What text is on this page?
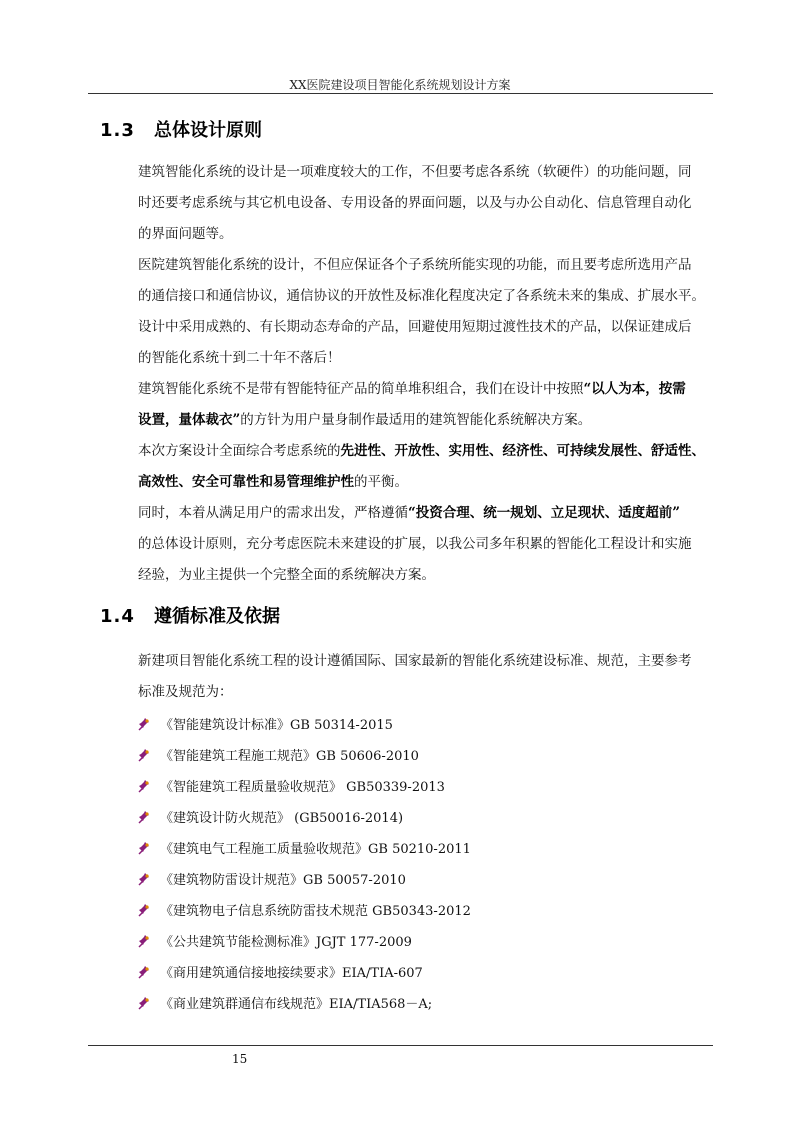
XX医院建设项目智能化系统规划设计方案
1.3 总体设计原则

建筑智能化系统的设计是一项难度较大的工作，不但要考虑各系统（软硬件）的功能问题，同
时还要考虑系统与其它机电设备、专用设备的界面问题，以及与办公自动化、信息管理自动化
的界面问题等。

医院建筑智能化系统的设计，不但应保证各个子系统所能实现的功能，而且要考虑所选用产品
的通信接口和通信协议，通信协议的开放性及标准化程度决定了各系统未来的集成、扩展水平。

设计中采用成熟的、有长期动态寿命的产品，回避使用短期过渡性技术的产品，以保证建成后
的智能化系统十到二十年不落后！

建筑智能化系统不是带有智能特征产品的简单堆积组合，我们在设计中按照“以人为本，按需
设置，量体裁衣”的方针为用户量身制作最适用的建筑智能化系统解决方案。

本次方案设计全面综合考虑系统的先进性、开放性、实用性、经济性、可持续发展性、舒适性、
高效性、安全可靠性和易管理维护性的平衡。

同时，本着从满足用户的需求出发，严格遵循“投资合理、统一规划、立足现状、适度超前”
的总体设计原则，充分考虑医院未来建设的扩展，以我公司多年积累的智能化工程设计和实施
经验，为业主提供一个完整全面的系统解决方案。

1.4 遵循标准及依据

新建项目智能化系统工程的设计遵循国际、国家最新的智能化系统建设标准、规范，主要参考
标准及规范为：

《智能建筑设计标准》GB 50314-2015
《智能建筑工程施工规范》GB 50606-2010
《智能建筑工程质量验收规范》 GB50339-2013
《建筑设计防火规范》 (GB50016-2014)
《建筑电气工程施工质量验收规范》GB 50210-2011
《建筑物防雷设计规范》GB 50057-2010
《建筑物电子信息系统防雷技术规范 GB50343-2012
《公共建筑节能检测标准》JGJT 177-2009
《商用建筑通信接地接续要求》EIA/TIA-607
《商业建筑群通信布线规范》EIA/TIA568－A;
15
